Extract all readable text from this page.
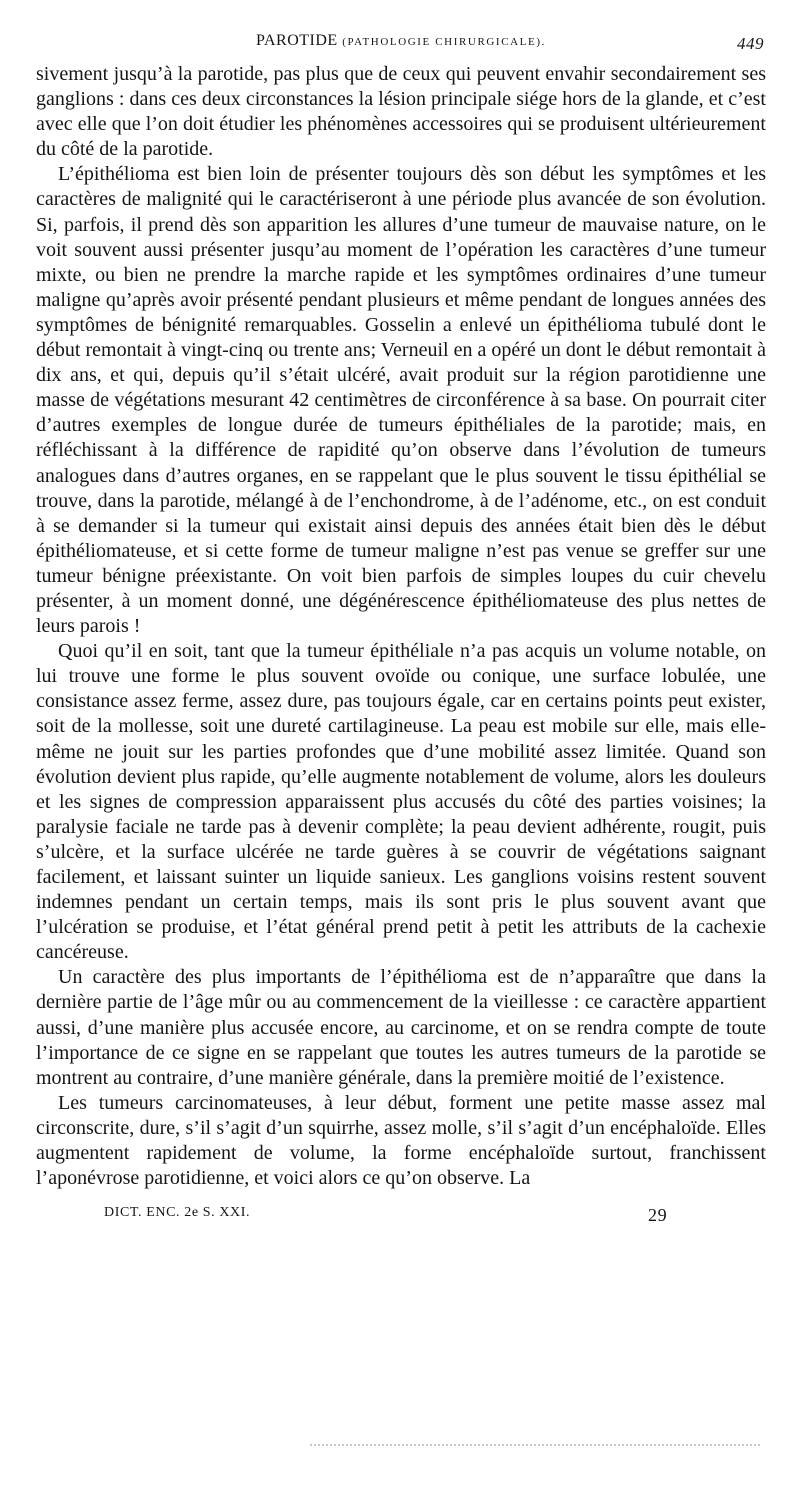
PAROTIDE (PATHOLOGIE CHIRURGICALE).	449

sivement jusqu’à la parotide, pas plus que de ceux qui peuvent envahir secondairement ses ganglions : dans ces deux circonstances la lésion principale siége hors de la glande, et c’est avec elle que l’on doit étudier les phénomènes accessoires qui se produisent ultérieurement du côté de la parotide.

L’épithélioma est bien loin de présenter toujours dès son début les symptômes et les caractères de malignité qui le caractériseront à une période plus avancée de son évolution. Si, parfois, il prend dès son apparition les allures d’une tumeur de mauvaise nature, on le voit souvent aussi présenter jusqu’au moment de l’opération les caractères d’une tumeur mixte, ou bien ne prendre la marche rapide et les symptômes ordinaires d’une tumeur maligne qu’après avoir présenté pendant plusieurs et même pendant de longues années des symptômes de bénignité remarquables. Gosselin a enlevé un épithélioma tubulé dont le début remontait à vingt-cinq ou trente ans; Verneuil en a opéré un dont le début remontait à dix ans, et qui, depuis qu’il s’était ulcéré, avait produit sur la région parotidienne une masse de végétations mesurant 42 centimètres de circonférence à sa base. On pourrait citer d’autres exemples de longue durée de tumeurs épithéliales de la parotide; mais, en réfléchissant à la différence de rapidité qu’on observe dans l’évolution de tumeurs analogues dans d’autres organes, en se rappelant que le plus souvent le tissu épithélial se trouve, dans la parotide, mélangé à de l’enchondrome, à de l’adénome, etc., on est conduit à se demander si la tumeur qui existait ainsi depuis des années était bien dès le début épithéliomateuse, et si cette forme de tumeur maligne n’est pas venue se greffer sur une tumeur bénigne préexistante. On voit bien parfois de simples loupes du cuir chevelu présenter, à un moment donné, une dégénérescence épithéliomateuse des plus nettes de leurs parois !

Quoi qu’il en soit, tant que la tumeur épithéliale n’a pas acquis un volume notable, on lui trouve une forme le plus souvent ovoïde ou conique, une surface lobulée, une consistance assez ferme, assez dure, pas toujours égale, car en certains points peut exister, soit de la mollesse, soit une dureté cartilagineuse. La peau est mobile sur elle, mais elle-même ne jouit sur les parties profondes que d’une mobilité assez limitée. Quand son évolution devient plus rapide, qu’elle augmente notablement de volume, alors les douleurs et les signes de compression apparaissent plus accusés du côté des parties voisines; la paralysie faciale ne tarde pas à devenir complète; la peau devient adhérente, rougit, puis s’ulcère, et la surface ulcérée ne tarde guères à se couvrir de végétations saignant facilement, et laissant suinter un liquide sanieux. Les ganglions voisins restent souvent indemnes pendant un certain temps, mais ils sont pris le plus souvent avant que l’ulcération se produise, et l’état général prend petit à petit les attributs de la cachexie cancéreuse.

Un caractère des plus importants de l’épithélioma est de n’apparaître que dans la dernière partie de l’âge mûr ou au commencement de la vieillesse : ce caractère appartient aussi, d’une manière plus accusée encore, au carcinome, et on se rendra compte de toute l’importance de ce signe en se rappelant que toutes les autres tumeurs de la parotide se montrent au contraire, d’une manière générale, dans la première moitié de l’existence.

Les tumeurs carcinomateuses, à leur début, forment une petite masse assez mal circonscrite, dure, s’il s’agit d’un squirrhe, assez molle, s’il s’agit d’un encéphaloïde. Elles augmentent rapidement de volume, la forme encéphaloïde surtout, franchissent l’aponévrose parotidienne, et voici alors ce qu’on observe. La

DICT. ENC. 2e S. XXI.	29
